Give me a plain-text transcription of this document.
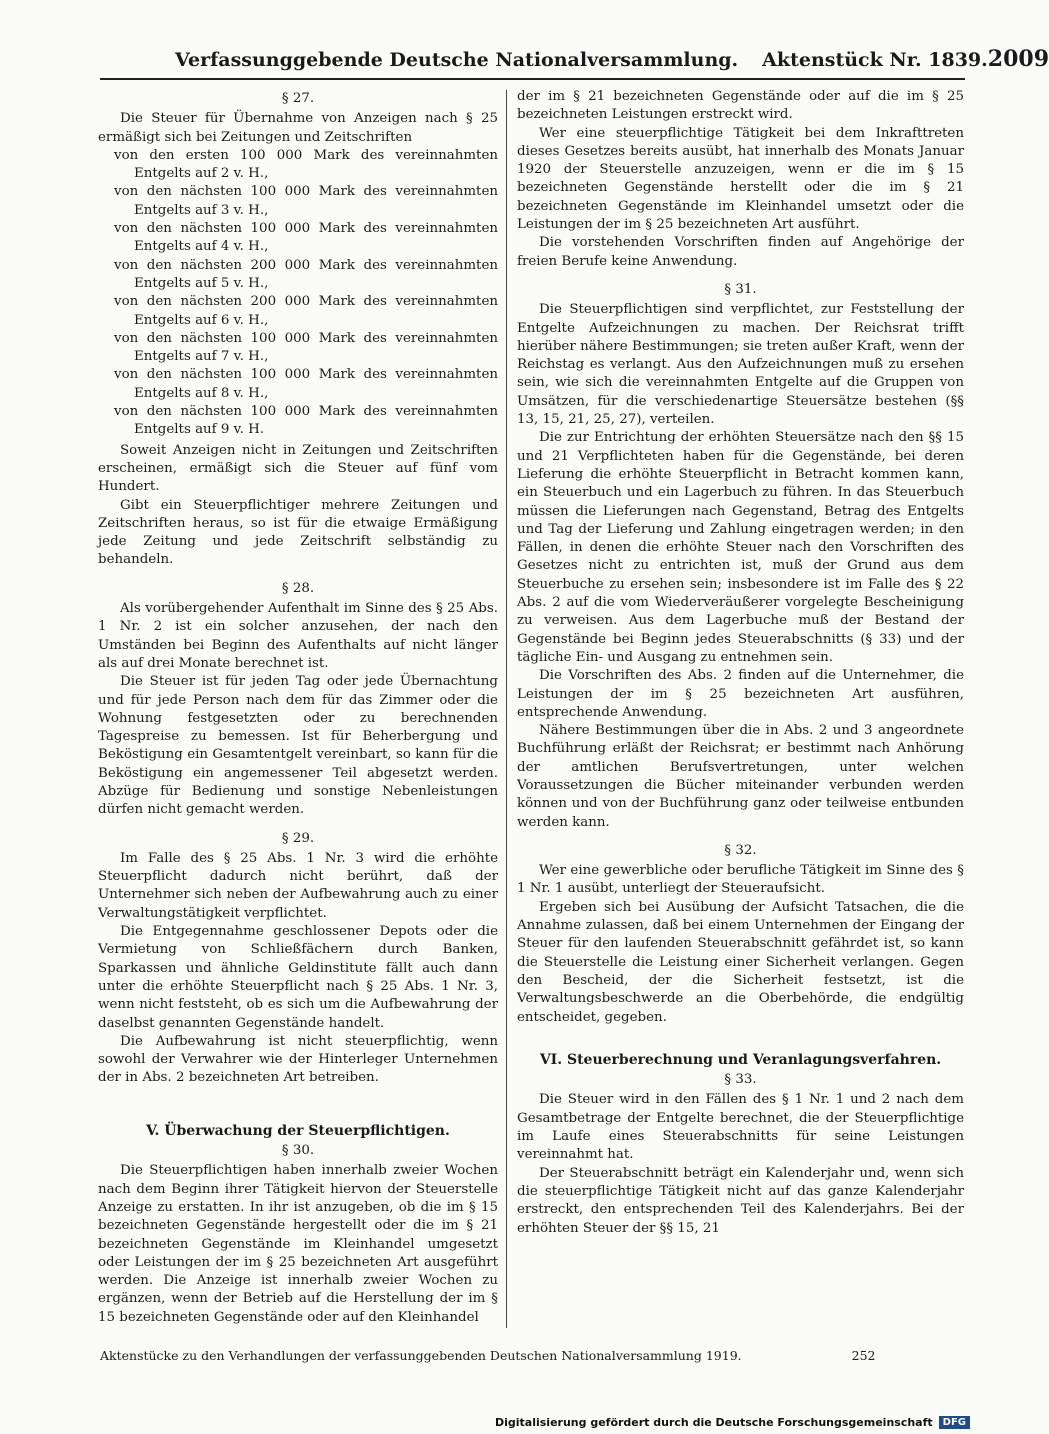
Verfassunggebende Deutsche Nationalversammlung. Aktenstück Nr. 1839. 2009
§ 27.

Die Steuer für Übernahme von Anzeigen nach § 25 ermäßigt sich bei Zeitungen und Zeitschriften

von den ersten 100 000 Mark des vereinnahmten Entgelts auf 2 v. H.,

von den nächsten 100 000 Mark des vereinnahmten Entgelts auf 3 v. H.,

von den nächsten 100 000 Mark des vereinnahmten Entgelts auf 4 v. H.,

von den nächsten 200 000 Mark des vereinnahmten Entgelts auf 5 v. H.,

von den nächsten 200 000 Mark des vereinnahmten Entgelts auf 6 v. H.,

von den nächsten 100 000 Mark des vereinnahmten Entgelts auf 7 v. H.,

von den nächsten 100 000 Mark des vereinnahmten Entgelts auf 8 v. H.,

von den nächsten 100 000 Mark des vereinnahmten Entgelts auf 9 v. H.

Soweit Anzeigen nicht in Zeitungen und Zeitschriften erscheinen, ermäßigt sich die Steuer auf fünf vom Hundert.

Gibt ein Steuerpflichtiger mehrere Zeitungen und Zeitschriften heraus, so ist für die etwaige Ermäßigung jede Zeitung und jede Zeitschrift selbständig zu behandeln.

§ 28.

Als vorübergehender Aufenthalt im Sinne des § 25 Abs. 1 Nr. 2 ist ein solcher anzusehen, der nach den Umständen bei Beginn des Aufenthalts auf nicht länger als auf drei Monate berechnet ist.

Die Steuer ist für jeden Tag oder jede Übernachtung und für jede Person nach dem für das Zimmer oder die Wohnung festgesetzten oder zu berechnenden Tagespreise zu bemessen. Ist für Beherbergung und Beköstigung ein Gesamtentgelt vereinbart, so kann für die Beköstigung ein angemessener Teil abgesetzt werden. Abzüge für Bedienung und sonstige Nebenleistungen dürfen nicht gemacht werden.

§ 29.

Im Falle des § 25 Abs. 1 Nr. 3 wird die erhöhte Steuerpflicht dadurch nicht berührt, daß der Unternehmer sich neben der Aufbewahrung auch zu einer Verwaltungstätigkeit verpflichtet.

Die Entgegennahme geschlossener Depots oder die Vermietung von Schließfächern durch Banken, Sparkassen und ähnliche Geldinstitute fällt auch dann unter die erhöhte Steuerpflicht nach § 25 Abs. 1 Nr. 3, wenn nicht feststeht, ob es sich um die Aufbewahrung der daselbst genannten Gegenstände handelt.

Die Aufbewahrung ist nicht steuerpflichtig, wenn sowohl der Verwahrer wie der Hinterleger Unternehmen der in Abs. 2 bezeichneten Art betreiben.

V. Überwachung der Steuerpflichtigen.
§ 30.

Die Steuerpflichtigen haben innerhalb zweier Wochen nach dem Beginn ihrer Tätigkeit hiervon der Steuerstelle Anzeige zu erstatten. In ihr ist anzugeben, ob die im § 15 bezeichneten Gegenstände hergestellt oder die im § 21 bezeichneten Gegenstände im Kleinhandel umgesetzt oder Leistungen der im § 25 bezeichneten Art ausgeführt werden. Die Anzeige ist innerhalb zweier Wochen zu ergänzen, wenn der Betrieb auf die Herstellung der im § 15 bezeichneten Gegenstände oder auf den Kleinhandel

der im § 21 bezeichneten Gegenstände oder auf die im § 25 bezeichneten Leistungen erstreckt wird.

Wer eine steuerpflichtige Tätigkeit bei dem Inkrafttreten dieses Gesetzes bereits ausübt, hat innerhalb des Monats Januar 1920 der Steuerstelle anzuzeigen, wenn er die im § 15 bezeichneten Gegenstände herstellt oder die im § 21 bezeichneten Gegenstände im Kleinhandel umsetzt oder die Leistungen der im § 25 bezeichneten Art ausführt.

Die vorstehenden Vorschriften finden auf Angehörige der freien Berufe keine Anwendung.

§ 31.

Die Steuerpflichtigen sind verpflichtet, zur Feststellung der Entgelte Aufzeichnungen zu machen. Der Reichsrat trifft hierüber nähere Bestimmungen; sie treten außer Kraft, wenn der Reichstag es verlangt. Aus den Aufzeichnungen muß zu ersehen sein, wie sich die vereinnahmten Entgelte auf die Gruppen von Umsätzen, für die verschiedenartige Steuersätze bestehen (§§ 13, 15, 21, 25, 27), verteilen.

Die zur Entrichtung der erhöhten Steuersätze nach den §§ 15 und 21 Verpflichteten haben für die Gegenstände, bei deren Lieferung die erhöhte Steuerpflicht in Betracht kommen kann, ein Steuerbuch und ein Lagerbuch zu führen. In das Steuerbuch müssen die Lieferungen nach Gegenstand, Betrag des Entgelts und Tag der Lieferung und Zahlung eingetragen werden; in den Fällen, in denen die erhöhte Steuer nach den Vorschriften des Gesetzes nicht zu entrichten ist, muß der Grund aus dem Steuerbuche zu ersehen sein; insbesondere ist im Falle des § 22 Abs. 2 auf die vom Wiederveräußerer vorgelegte Bescheinigung zu verweisen. Aus dem Lagerbuche muß der Bestand der Gegenstände bei Beginn jedes Steuerabschnitts (§ 33) und der tägliche Ein- und Ausgang zu entnehmen sein.

Die Vorschriften des Abs. 2 finden auf die Unternehmer, die Leistungen der im § 25 bezeichneten Art ausführen, entsprechende Anwendung.

Nähere Bestimmungen über die in Abs. 2 und 3 angeordnete Buchführung erläßt der Reichsrat; er bestimmt nach Anhörung der amtlichen Berufsvertretungen, unter welchen Voraussetzungen die Bücher miteinander verbunden werden können und von der Buchführung ganz oder teilweise entbunden werden kann.

§ 32.

Wer eine gewerbliche oder berufliche Tätigkeit im Sinne des § 1 Nr. 1 ausübt, unterliegt der Steueraufsicht.

Ergeben sich bei Ausübung der Aufsicht Tatsachen, die die Annahme zulassen, daß bei einem Unternehmen der Eingang der Steuer für den laufenden Steuerabschnitt gefährdet ist, so kann die Steuerstelle die Leistung einer Sicherheit verlangen. Gegen den Bescheid, der die Sicherheit festsetzt, ist die Verwaltungsbeschwerde an die Oberbehörde, die endgültig entscheidet, gegeben.

VI. Steuerberechnung und Veranlagungsverfahren.
§ 33.

Die Steuer wird in den Fällen des § 1 Nr. 1 und 2 nach dem Gesamtbetrage der Entgelte berechnet, die der Steuerpflichtige im Laufe eines Steuerabschnitts für seine Leistungen vereinnahmt hat.

Der Steuerabschnitt beträgt ein Kalenderjahr und, wenn sich die steuerpflichtige Tätigkeit nicht auf das ganze Kalenderjahr erstreckt, den entsprechenden Teil des Kalenderjahrs. Bei der erhöhten Steuer der §§ 15, 21

Aktenstücke zu den Verhandlungen der verfassunggebenden Deutschen Nationalversammlung 1919.	252
Digitalisierung gefördert durch die Deutsche Forschungsgemeinschaft	DFG
